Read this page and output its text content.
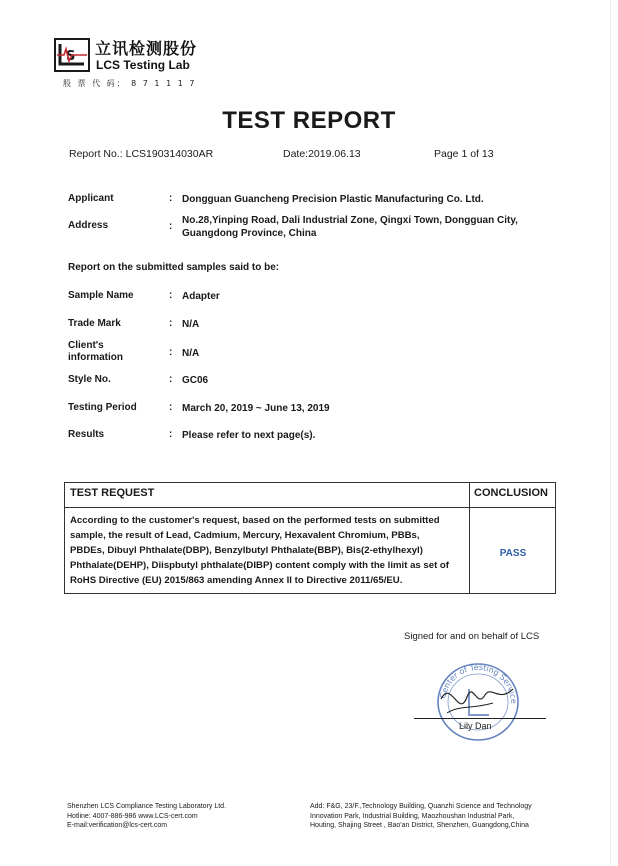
S 立讯检测股份
LCS Testing Lab
股 票 代 码： 8 7 1 1 1 7
TEST REPORT
Report No.: LCS190314030AR	Date:2019.06.13	Page 1 of 13
Applicant	: Dongguan Guancheng Precision Plastic Manufacturing Co. Ltd.
Address	:
No.28,Yinping Road, Dali Industrial Zone, Qingxi Town, Dongguan City,
Guangdong Province, China
Report on the submitted samples said to be:
Sample Name	: Adapter
Trade Mark	: N/A
Client's
information	: N/A
Style No.	: GC06
Testing Period	: March 20, 2019 ~ June 13, 2019
Results	: Please refer to next page(s).
TEST REQUEST	CONCLUSION
According to the customer's request, based on the performed tests on submitted
sample, the result of Lead, Cadmium, Mercury, Hexavalent Chromium, PBBs,
PBDEs, Dibuyl Phthalate(DBP), Benzylbutyl Phthalate(BBP), Bis(2-ethylhexyl)
Phthalate(DEHP), Diispbutyl phthalate(DIBP) content comply with the limit as set of
RoHS Directive (EU) 2015/863 amending Annex II to Directive 2011/65/EU.
PASS
Signed for and on behalf of LCS
Center of Testing Service
Lily Dan
Shenzhen LCS Compliance Testing Laboratory Ltd.
Hotline: 4007-886-986 www.LCS-cert.com
E-mail:verification@lcs-cert.com
Add: F&G, 23/F.,Technology Building, Quanzhi Science and Technology
Innovation Park, Industrial Building, Maozhoushan Industrial Park,
Houting, Shajing Street , Bao'an District, Shenzhen, Guangdong,China
